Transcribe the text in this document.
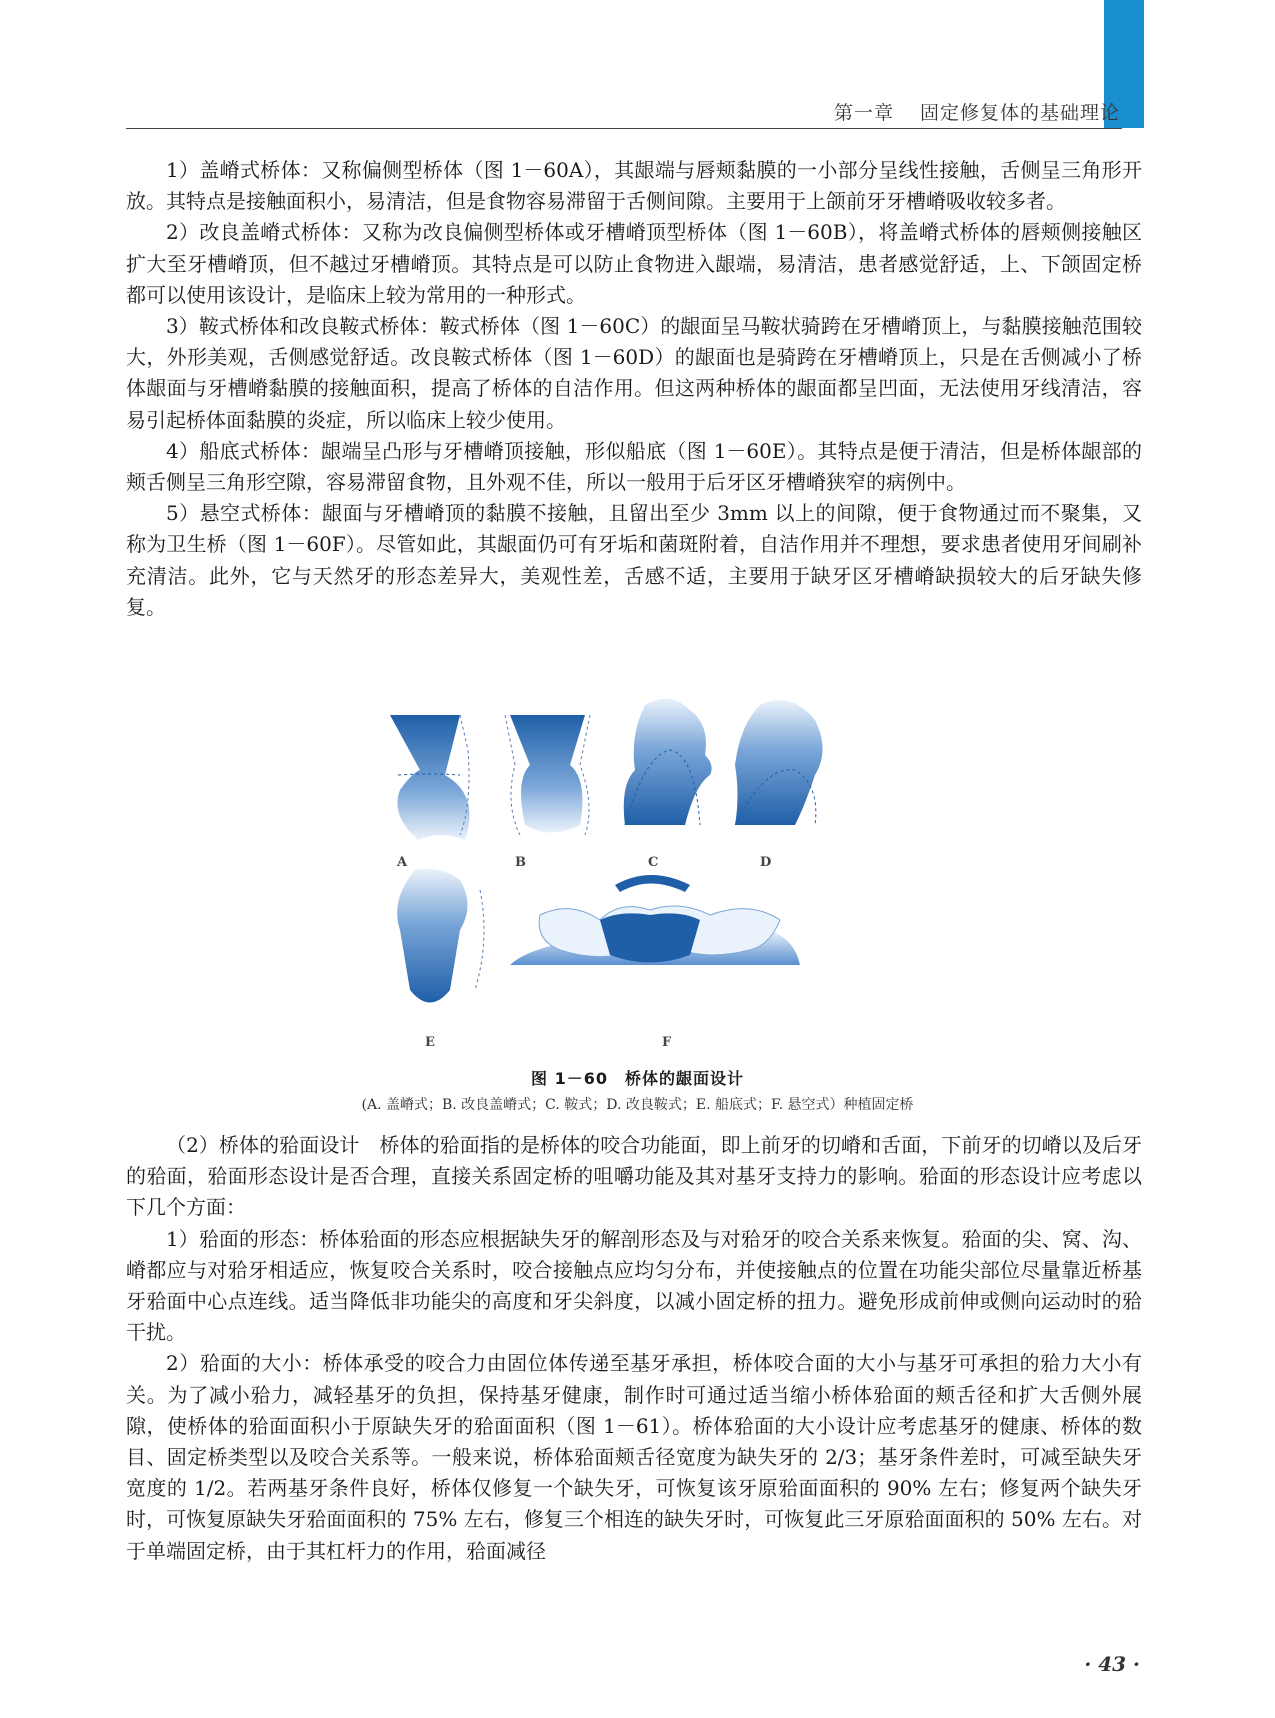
第一章 固定修复体的基础理论

1）盖嵴式桥体：又称偏侧型桥体（图 1－60A），其龈端与唇颊黏膜的一小部分呈线性接触，舌侧呈三角形开放。其特点是接触面积小，易清洁，但是食物容易滞留于舌侧间隙。主要用于上颌前牙牙槽嵴吸收较多者。

2）改良盖嵴式桥体：又称为改良偏侧型桥体或牙槽嵴顶型桥体（图 1－60B），将盖嵴式桥体的唇颊侧接触区扩大至牙槽嵴顶，但不越过牙槽嵴顶。其特点是可以防止食物进入龈端，易清洁，患者感觉舒适，上、下颌固定桥都可以使用该设计，是临床上较为常用的一种形式。

3）鞍式桥体和改良鞍式桥体：鞍式桥体（图 1－60C）的龈面呈马鞍状骑跨在牙槽嵴顶上，与黏膜接触范围较大，外形美观，舌侧感觉舒适。改良鞍式桥体（图 1－60D）的龈面也是骑跨在牙槽嵴顶上，只是在舌侧减小了桥体龈面与牙槽嵴黏膜的接触面积，提高了桥体的自洁作用。但这两种桥体的龈面都呈凹面，无法使用牙线清洁，容易引起桥体面黏膜的炎症，所以临床上较少使用。

4）船底式桥体：龈端呈凸形与牙槽嵴顶接触，形似船底（图 1－60E）。其特点是便于清洁，但是桥体龈部的颊舌侧呈三角形空隙，容易滞留食物，且外观不佳，所以一般用于后牙区牙槽嵴狭窄的病例中。

5）悬空式桥体：龈面与牙槽嵴顶的黏膜不接触，且留出至少 3mm 以上的间隙，便于食物通过而不聚集，又称为卫生桥（图 1－60F）。尽管如此，其龈面仍可有牙垢和菌斑附着，自洁作用并不理想，要求患者使用牙间刷补充清洁。此外，它与天然牙的形态差异大，美观性差，舌感不适，主要用于缺牙区牙槽嵴缺损较大的后牙缺失修复。

A	B	C	D
E	F
图 1－60　桥体的龈面设计
(A. 盖嵴式；B. 改良盖嵴式；C. 鞍式；D. 改良鞍式；E. 船底式；F. 悬空式）种植固定桥

（2）桥体的𬌗面设计　桥体的𬌗面指的是桥体的咬合功能面，即上前牙的切嵴和舌面，下前牙的切嵴以及后牙的𬌗面，𬌗面形态设计是否合理，直接关系固定桥的咀嚼功能及其对基牙支持力的影响。𬌗面的形态设计应考虑以下几个方面：

1）𬌗面的形态：桥体𬌗面的形态应根据缺失牙的解剖形态及与对𬌗牙的咬合关系来恢复。𬌗面的尖、窝、沟、嵴都应与对𬌗牙相适应，恢复咬合关系时，咬合接触点应均匀分布，并使接触点的位置在功能尖部位尽量靠近桥基牙𬌗面中心点连线。适当降低非功能尖的高度和牙尖斜度，以减小固定桥的扭力。避免形成前伸或侧向运动时的𬌗干扰。

2）𬌗面的大小：桥体承受的咬合力由固位体传递至基牙承担，桥体咬合面的大小与基牙可承担的𬌗力大小有关。为了减小𬌗力，减轻基牙的负担，保持基牙健康，制作时可通过适当缩小桥体𬌗面的颊舌径和扩大舌侧外展隙，使桥体的𬌗面面积小于原缺失牙的𬌗面面积（图 1－61）。桥体𬌗面的大小设计应考虑基牙的健康、桥体的数目、固定桥类型以及咬合关系等。一般来说，桥体𬌗面颊舌径宽度为缺失牙的 2/3；基牙条件差时，可减至缺失牙宽度的 1/2。若两基牙条件良好，桥体仅修复一个缺失牙，可恢复该牙原𬌗面面积的 90% 左右；修复两个缺失牙时，可恢复原缺失牙𬌗面面积的 75% 左右，修复三个相连的缺失牙时，可恢复此三牙原𬌗面面积的 50% 左右。对于单端固定桥，由于其杠杆力的作用，𬌗面减径

· 43 ·
